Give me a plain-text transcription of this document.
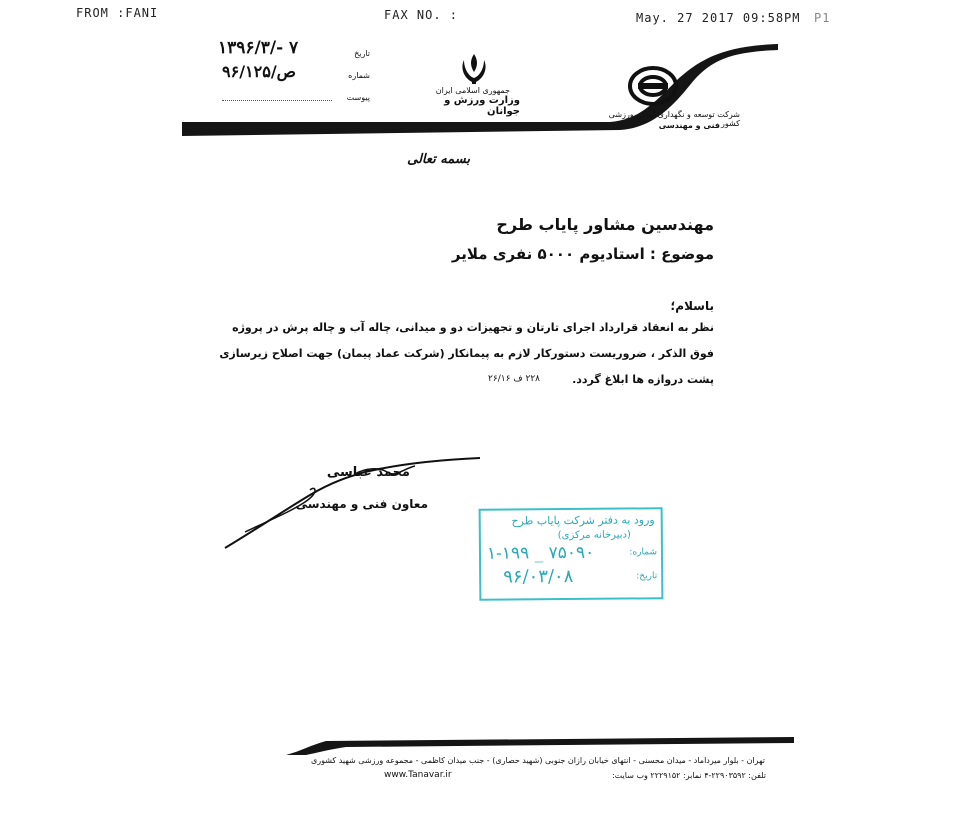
FROM :FANI	FAX NO. :	May. 27 2017 09:58PM P1
جمهوری اسلامی ایران
وزارت ورزش و جوانان	شرکت توسعه و نگهداری اماکن ورزشی کشور
فنی و مهندسی
تاریخ
۱۳۹۶/۳/- ۷
شماره
۹۶/۱۲۵/ص
پیوست
بسمه تعالی
مهندسین مشاور پایاب طرح
موضوع : استادیوم ۵۰۰۰ نفری ملایر
باسلام؛
نظر به انعقاد قرارداد اجرای تارتان و تجهیزات دو و میدانی، چاله آب و چاله پرش در پروژه
فوق الذکر ، ضروریست دستورکار لازم به پیمانکار (شرکت عماد پیمان) جهت اصلاح زیرسازی
پشت دروازه ها ابلاغ گردد.
۲۲۸ ف ۲۶/۱۶
محمد عباسی
معاون فنی و مهندسی
ورود به دفتر شرکت پایاب طرح
(دبیرخانه مرکزی)
شماره:
۱-۱۹۹ _ ۷۵۰۹۰
تاریخ:
۹۶/۰۳/۰۸
تهران - بلوار میرداماد - میدان محسنی - انتهای خیابان رازان جنوبی (شهید حصاری) - جنب میدان کاظمی - مجموعه ورزشی شهید کشوری
تلفن: ۲۲۹۰۳۵۹۲-۴ نمابر: ۲۲۲۹۱۵۲ وب سایت:
www.Tanavar.ir
